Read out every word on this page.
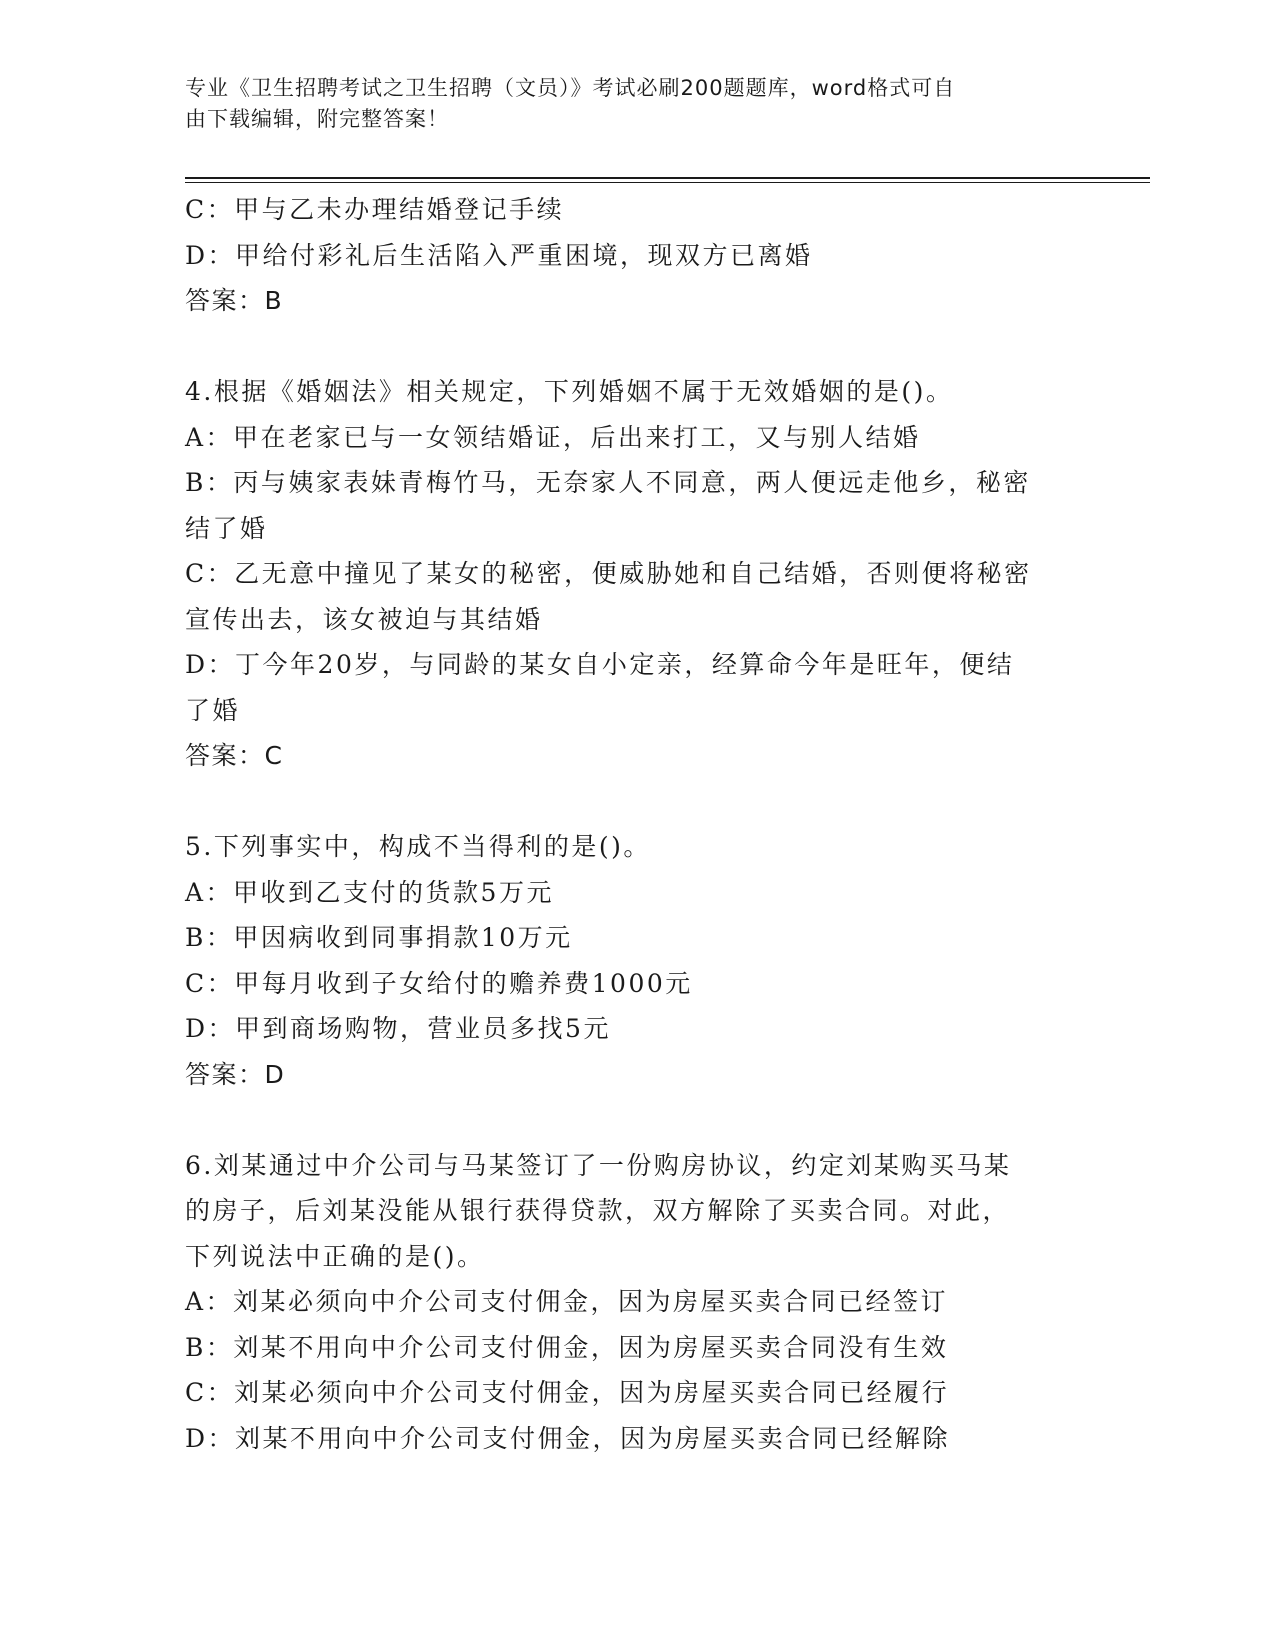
专业《卫生招聘考试之卫生招聘（文员）》考试必刷200题题库，word格式可自
由下载编辑，附完整答案！
C：甲与乙未办理结婚登记手续
D：甲给付彩礼后生活陷入严重困境，现双方已离婚
答案：B
4.根据《婚姻法》相关规定，下列婚姻不属于无效婚姻的是()。
A：甲在老家已与一女领结婚证，后出来打工，又与别人结婚
B：丙与姨家表妹青梅竹马，无奈家人不同意，两人便远走他乡，秘密
结了婚
C：乙无意中撞见了某女的秘密，便威胁她和自己结婚，否则便将秘密
宣传出去，该女被迫与其结婚
D：丁今年20岁，与同龄的某女自小定亲，经算命今年是旺年，便结
了婚
答案：C
5.下列事实中，构成不当得利的是()。
A：甲收到乙支付的货款5万元
B：甲因病收到同事捐款10万元
C：甲每月收到子女给付的赡养费1000元
D：甲到商场购物，营业员多找5元
答案：D
6.刘某通过中介公司与马某签订了一份购房协议，约定刘某购买马某
的房子，后刘某没能从银行获得贷款，双方解除了买卖合同。对此，
下列说法中正确的是()。
A：刘某必须向中介公司支付佣金，因为房屋买卖合同已经签订
B：刘某不用向中介公司支付佣金，因为房屋买卖合同没有生效
C：刘某必须向中介公司支付佣金，因为房屋买卖合同已经履行
D：刘某不用向中介公司支付佣金，因为房屋买卖合同已经解除
